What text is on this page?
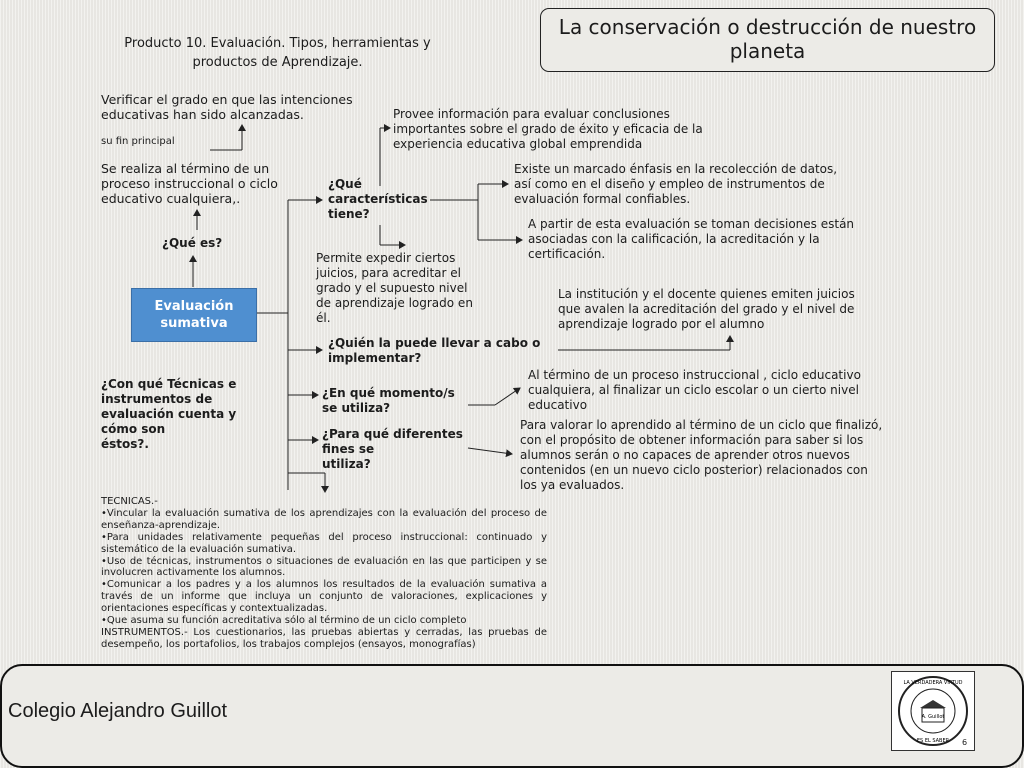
Producto 10. Evaluación. Tipos, herramientas y
productos de Aprendizaje.
La conservación o destrucción de nuestro
planeta
Evaluación
sumativa
Verificar el grado en que las intenciones
educativas han sido alcanzadas.
su fin principal
Provee información para evaluar conclusiones
importantes sobre el grado de éxito y eficacia de la
experiencia educativa global emprendida
Se realiza al término de un
proceso instruccional o ciclo
educativo cualquiera,.
¿Qué
características
tiene?
Existe un marcado énfasis en la recolección de datos,
así como en el diseño y empleo de instrumentos de
evaluación formal confiables.
A partir de esta evaluación se toman decisiones están
asociadas con la calificación, la acreditación y la
certificación.
¿Qué es?
Permite expedir ciertos
juicios, para acreditar el
grado y el supuesto nivel
de aprendizaje logrado en
él.
La institución y el docente quienes emiten juicios
que avalen la acreditación del grado y el nivel de
aprendizaje logrado por el alumno
¿Quién la puede llevar a cabo o
implementar?
¿Con qué Técnicas e
instrumentos de
evaluación cuenta y
cómo son
éstos?.
¿En qué momento/s
se utiliza?
Al término de un proceso instruccional , ciclo educativo
cualquiera, al finalizar un ciclo escolar o un cierto nivel
educativo
¿Para qué diferentes
fines se
utiliza?
Para valorar lo aprendido al término de un ciclo que finalizó,
con el propósito de obtener información para saber si los
alumnos serán o no capaces de aprender otros nuevos
contenidos (en un nuevo ciclo posterior) relacionados con
los ya evaluados.

TECNICAS.-

•Vincular la evaluación sumativa de los aprendizajes con la evaluación del proceso de enseñanza-aprendizaje.

•Para unidades relativamente pequeñas del proceso instruccional: continuado y sistemático de la evaluación sumativa.

•Uso de técnicas, instrumentos o situaciones de evaluación en las que participen y se involucren activamente los alumnos.

•Comunicar a los padres y a los alumnos los resultados de la evaluación sumativa a través de un informe que incluya un conjunto de valoraciones, explicaciones y orientaciones específicas y contextualizadas.

•Que asuma su función acreditativa sólo al término de un ciclo completo

INSTRUMENTOS.- Los cuestionarios, las pruebas abiertas y cerradas, las pruebas de desempeño, los portafolios, los trabajos complejos (ensayos, monografías)

Colegio Alejandro Guillot	A. Guillot
LA VERDADERA VIRTUD
ES EL SABER 6
